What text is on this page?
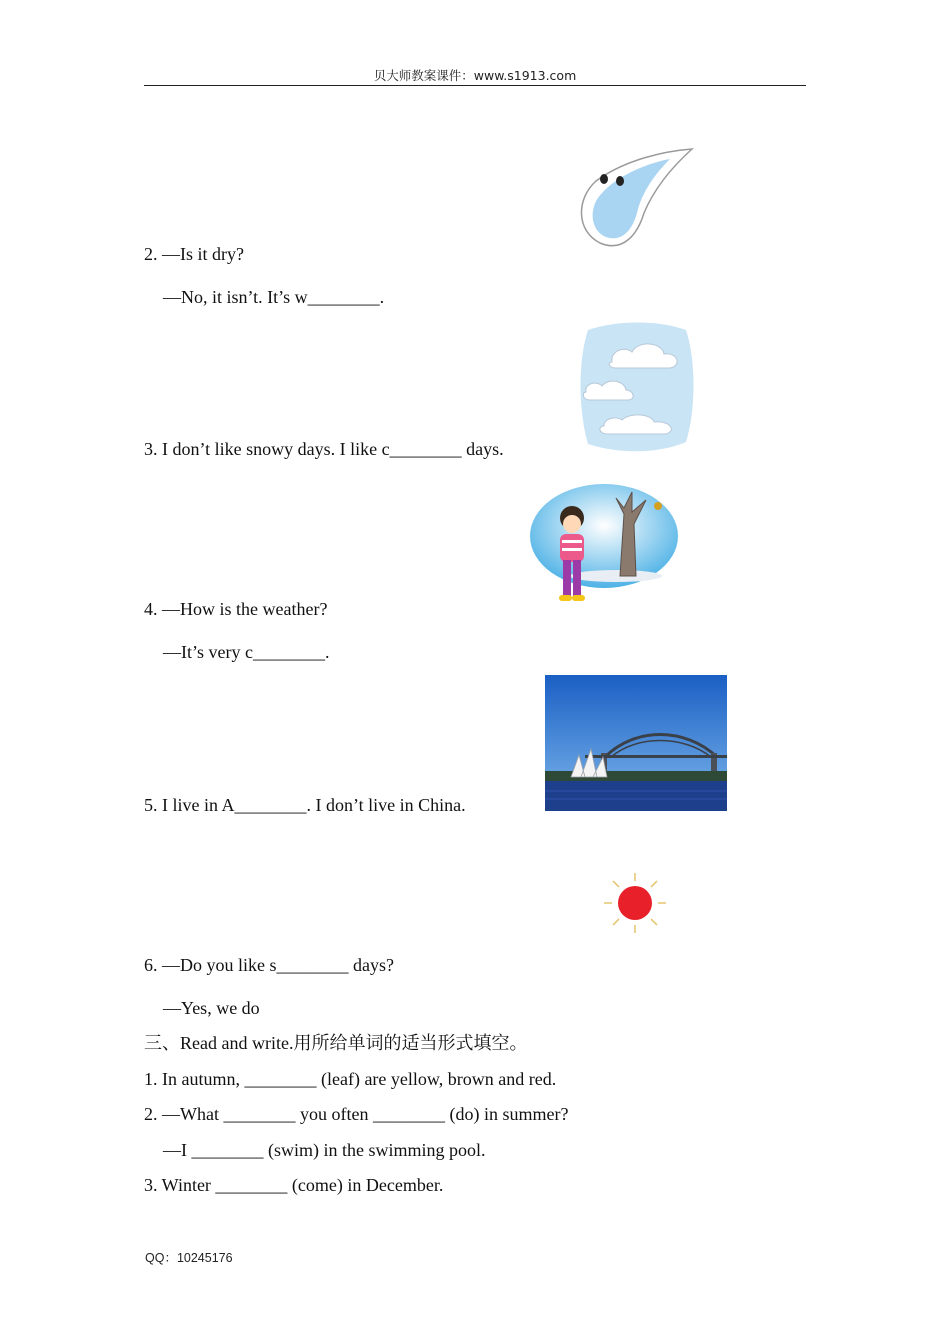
贝大师教案课件：www.s1913.com
2. —Is it dry?
—No, it isn’t. It’s w________.
3. I don’t like snowy days. I like c________ days.
4. —How is the weather?
—It’s very c________.
5. I live in A________. I don’t live in China.
6. —Do you like s________ days?
—Yes, we do
三、Read and write.用所给单词的适当形式填空。
1. In autumn, ________ (leaf) are yellow, brown and red.
2. —What ________ you often ________ (do) in summer?
—I ________ (swim) in the swimming pool.
3. Winter ________ (come) in December.
QQ：10245176
